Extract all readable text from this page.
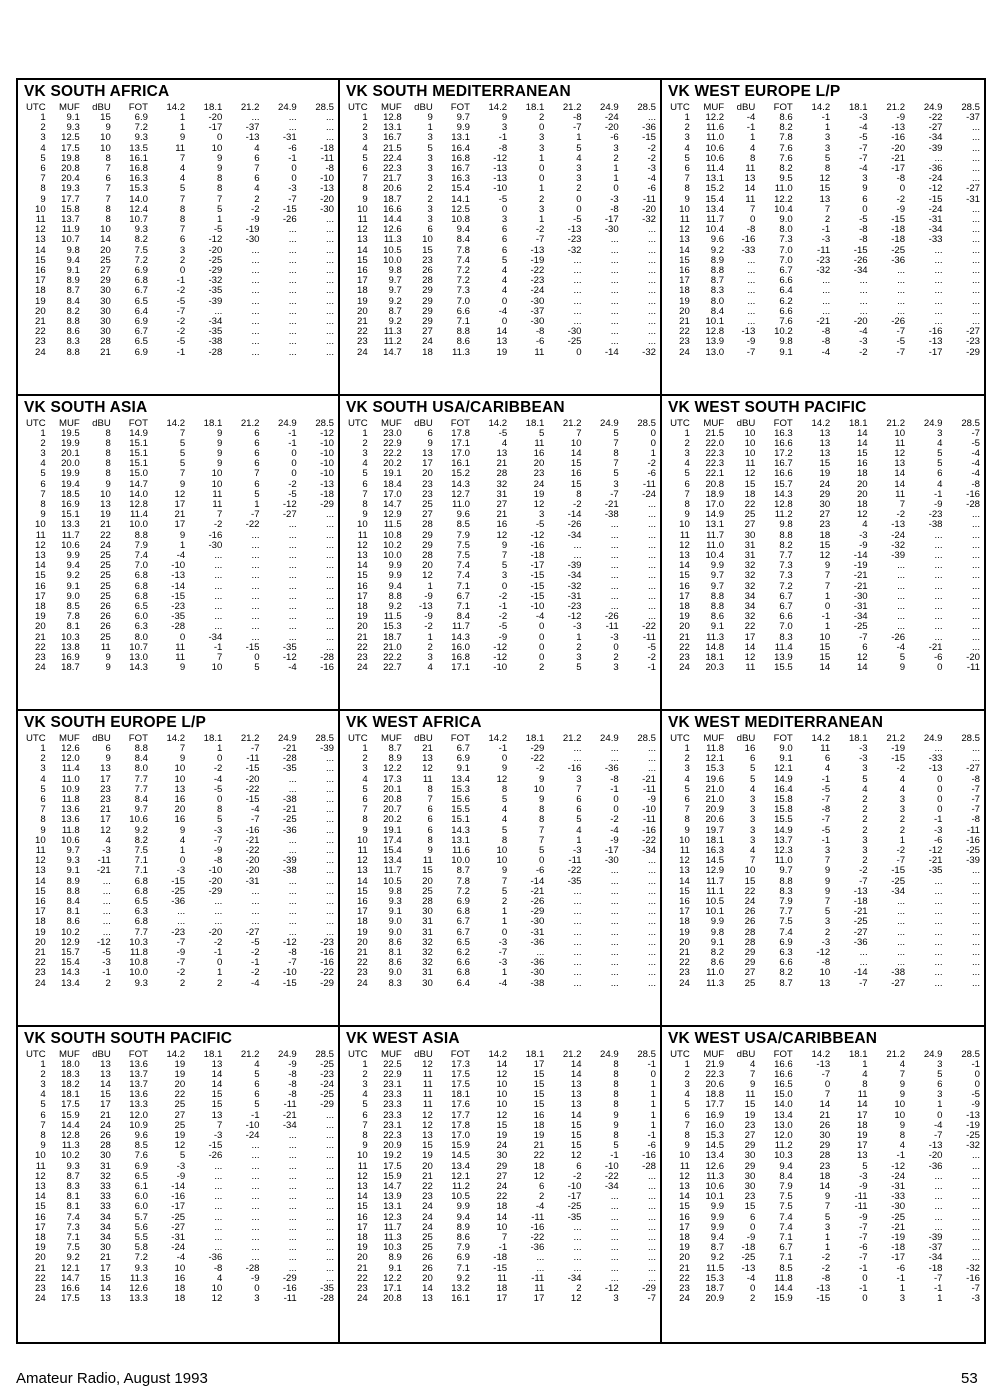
VK SOUTH AFRICA
UTC	MUF	dBU	FOT	14.2	18.1	21.2	24.9	28.5
1	9.1	15	6.9	1	-20	...	...	...
2	9.3	9	7.2	1	-17	-37	...	...
3	12.5	10	9.3	9	0	-13	-31	...
4	17.5	10	13.5	11	10	4	-6	-18
5	19.8	8	16.1	7	9	6	-1	-11
6	20.8	7	16.8	4	9	7	0	-8
7	20.4	6	16.3	4	8	6	0	-10
8	19.3	7	15.3	5	8	4	-3	-13
9	17.7	7	14.0	7	7	2	-7	-20
10	15.8	8	12.4	8	5	-2	-15	-30
11	13.7	8	10.7	8	1	-9	-26	...
12	11.9	10	9.3	7	-5	-19	...	...
13	10.7	14	8.2	6	-12	-30	...	...
14	9.8	20	7.5	3	-20	...	...	...
15	9.4	25	7.2	2	-25	...	...	...
16	9.1	27	6.9	0	-29	...	...	...
17	8.9	29	6.8	-1	-32	...	...	...
18	8.7	30	6.7	-2	-35	...	...	...
19	8.4	30	6.5	-5	-39	...	...	...
20	8.2	30	6.4	-7	...	...	...	...
21	8.8	30	6.9	-2	-34	...	...	...
22	8.6	30	6.7	-2	-35	...	...	...
23	8.3	28	6.5	-5	-38	...	...	...
24	8.8	21	6.9	-1	-28	...	...	...
VK SOUTH MEDITERRANEAN
UTC	MUF	dBU	FOT	14.2	18.1	21.2	24.9	28.5
1	12.8	9	9.7	9	2	-8	-24	...
2	13.1	1	9.9	3	0	-7	-20	-36
3	16.7	3	13.1	-1	3	1	-6	-15
4	21.5	5	16.4	-8	3	5	3	-2
5	22.4	3	16.8	-12	1	4	2	-2
6	22.3	3	16.7	-13	0	3	1	-3
7	21.7	3	16.3	-13	0	3	1	-4
8	20.6	2	15.4	-10	1	2	0	-6
9	18.7	2	14.1	-5	2	0	-3	-11
10	16.6	3	12.5	0	3	0	-8	-20
11	14.4	3	10.8	3	1	-5	-17	-32
12	12.6	6	9.4	6	-2	-13	-30	...
13	11.3	10	8.4	6	-7	-23	...	...
14	10.5	15	7.8	6	-13	-32	...	...
15	10.0	23	7.4	5	-19	...	...	...
16	9.8	26	7.2	4	-22	...	...	...
17	9.7	28	7.2	4	-23	...	...	...
18	9.7	29	7.3	4	-24	...	...	...
19	9.2	29	7.0	0	-30	...	...	...
20	8.7	29	6.6	-4	-37	...	...	...
21	9.2	29	7.1	0	-30	...	...	...
22	11.3	27	8.8	14	-8	-30	...	...
23	11.2	24	8.6	13	-6	-25	...	...
24	14.7	18	11.3	19	11	0	-14	-32
VK WEST EUROPE L/P
UTC	MUF	dBU	FOT	14.2	18.1	21.2	24.9	28.5
1	12.2	-4	8.6	-1	-3	-9	-22	-37
2	11.6	-1	8.2	1	-4	-13	-27	...
3	11.0	1	7.8	3	-5	-16	-34	...
4	10.6	4	7.6	3	-7	-20	-39	...
5	10.6	8	7.6	5	-7	-21	...	...
6	11.4	11	8.2	8	-4	-17	-36	...
7	13.1	13	9.5	12	3	-8	-24	...
8	15.2	14	11.0	15	9	0	-12	-27
9	15.4	11	12.2	13	6	-2	-15	-31
10	13.4	7	10.4	7	0	-9	-24	...
11	11.7	0	9.0	2	-5	-15	-31	...
12	10.4	-8	8.0	-1	-8	-18	-34	...
13	9.6	-16	7.3	-3	-8	-18	-33	...
14	9.2	-33	7.0	-11	-15	-25	...	...
15	8.9	...	7.0	-23	-26	-36	...	...
16	8.8	...	6.7	-32	-34	...	...	...
17	8.7	...	6.6	...	...	...	...	...
18	8.3	...	6.4	...	...	...	...	...
19	8.0	...	6.2	...	...	...	...	...
20	8.4	...	6.6	...	...	...	...	...
21	10.1	...	7.6	-21	-20	-26	...	...
22	12.8	-13	10.2	-8	-4	-7	-16	-27
23	13.9	-9	9.8	-8	-3	-5	-13	-23
24	13.0	-7	9.1	-4	-2	-7	-17	-29
VK SOUTH ASIA
UTC	MUF	dBU	FOT	14.2	18.1	21.2	24.9	28.5
1	19.5	8	14.9	7	9	6	-1	-12
2	19.9	8	15.1	5	9	6	-1	-10
3	20.1	8	15.1	5	9	6	0	-10
4	20.0	8	15.1	5	9	6	0	-10
5	19.9	8	15.0	7	10	7	0	-10
6	19.4	9	14.7	9	10	6	-2	-13
7	18.5	10	14.0	12	11	5	-5	-18
8	16.9	13	12.8	17	11	1	-12	-29
9	15.1	19	11.4	21	7	-7	-27	...
10	13.3	21	10.0	17	-2	-22	...	...
11	11.7	22	8.8	9	-16	...	...	...
12	10.6	24	7.9	1	-30	...	...	...
13	9.9	25	7.4	-4	...	...	...	...
14	9.4	25	7.0	-10	...	...	...	...
15	9.2	25	6.8	-13	...	...	...	...
16	9.1	25	6.8	-14	...	...	...	...
17	9.0	25	6.8	-15	...	...	...	...
18	8.5	26	6.5	-23	...	...	...	...
19	7.8	26	6.0	-35	...	...	...	...
20	8.1	26	6.3	-28	...	...	...	...
21	10.3	25	8.0	0	-34	...	...	...
22	13.8	11	10.7	11	-1	-15	-35	...
23	16.9	9	13.0	11	7	0	-12	-28
24	18.7	9	14.3	9	10	5	-4	-16
VK SOUTH USA/CARIBBEAN
UTC	MUF	dBU	FOT	14.2	18.1	21.2	24.9	28.5
1	23.0	6	17.8	-5	5	7	5	0
2	22.9	9	17.1	4	11	10	7	0
3	22.2	13	17.0	13	16	14	8	1
4	20.2	17	16.1	21	20	15	7	-2
5	19.1	20	15.2	28	23	16	5	-6
6	18.4	23	14.3	32	24	15	3	-11
7	17.0	23	12.7	31	19	8	-7	-24
8	14.7	25	11.0	27	12	-2	-21	...
9	12.9	27	9.6	21	3	-14	-38	...
10	11.5	28	8.5	16	-5	-26	...	...
11	10.8	29	7.9	12	-12	-34	...	...
12	10.2	29	7.5	9	-16	...	...	...
13	10.0	28	7.5	7	-18	...	...	...
14	9.9	20	7.4	5	-17	-39	...	...
15	9.9	12	7.4	3	-15	-34	...	...
16	9.4	1	7.1	0	-15	-32	...	...
17	8.8	-9	6.7	-2	-15	-31	...	...
18	9.2	-13	7.1	-1	-10	-23	...	...
19	11.5	-9	8.4	-2	-4	-12	-26	...
20	15.3	-2	11.7	-5	0	-3	-11	-22
21	18.7	1	14.3	-9	0	1	-3	-11
22	21.0	2	16.0	-12	0	2	0	-5
23	22.2	3	16.8	-12	0	3	2	-2
24	22.7	4	17.1	-10	2	5	3	-1
VK WEST SOUTH PACIFIC
UTC	MUF	dBU	FOT	14.2	18.1	21.2	24.9	28.5
1	21.5	10	16.3	13	14	10	3	-7
2	22.0	10	16.6	13	14	11	4	-5
3	22.3	10	17.2	13	15	12	5	-4
4	22.3	11	16.7	15	16	13	5	-4
5	22.1	12	16.6	19	18	14	6	-4
6	20.8	15	15.7	24	20	14	4	-8
7	18.9	18	14.3	29	20	11	-1	-16
8	17.0	22	12.8	30	18	7	-9	-28
9	14.9	25	11.2	27	12	-2	-23	...
10	13.1	27	9.8	23	4	-13	-38	...
11	11.7	30	8.8	18	-3	-24	...	...
12	11.0	31	8.2	15	-9	-32	...	...
13	10.4	31	7.7	12	-14	-39	...	...
14	9.9	32	7.3	9	-19	...	...	...
15	9.7	32	7.3	7	-21	...	...	...
16	9.7	32	7.2	7	-21	...	...	...
17	8.8	34	6.7	1	-30	...	...	...
18	8.8	34	6.7	0	-31	...	...	...
19	8.6	32	6.6	-1	-34	...	...	...
20	9.1	22	7.0	1	-25	...	...	...
21	11.3	17	8.3	10	-7	-26	...	...
22	14.8	14	11.4	15	6	-4	-21	...
23	18.1	12	13.9	15	12	5	-6	-20
24	20.3	11	15.5	14	14	9	0	-11
VK SOUTH EUROPE L/P
UTC	MUF	dBU	FOT	14.2	18.1	21.2	24.9	28.5
1	12.6	6	8.8	7	1	-7	-21	-39
2	12.0	9	8.4	9	0	-11	-28	...
3	11.4	13	8.0	10	-2	-15	-35	...
4	11.0	17	7.7	10	-4	-20	...	...
5	10.9	23	7.7	13	-5	-22	...	...
6	11.8	23	8.4	16	0	-15	-38	...
7	13.6	21	9.7	20	8	-4	-21	...
8	13.6	17	10.6	16	5	-7	-25	...
9	11.8	12	9.2	9	-3	-16	-36	...
10	10.6	4	8.2	4	-7	-21	...	...
11	9.7	-3	7.5	1	-9	-22	...	...
12	9.3	-11	7.1	0	-8	-20	-39	...
13	9.1	-21	7.1	-3	-10	-20	-38	...
14	8.9	...	6.8	-15	-20	-31	...	...
15	8.8	...	6.8	-25	-29	...	...	...
16	8.4	...	6.5	-36	...	...	...	...
17	8.1	...	6.3	...	...	...	...	...
18	8.6	...	6.8	...	...	...	...	...
19	10.2	...	7.7	-23	-20	-27	...	...
20	12.9	-12	10.3	-7	-2	-5	-12	-23
21	15.7	-5	11.8	-9	-1	-2	-8	-16
22	15.4	-3	10.8	-7	0	-1	-7	-16
23	14.3	-1	10.0	-2	1	-2	-10	-22
24	13.4	2	9.3	2	2	-4	-15	-29
VK WEST AFRICA
UTC	MUF	dBU	FOT	14.2	18.1	21.2	24.9	28.5
1	8.7	21	6.7	-1	-29	...	...	...
2	8.9	13	6.9	0	-22	...	...	...
3	12.2	12	9.1	9	-2	-16	-36	...
4	17.3	11	13.4	12	9	3	-8	-21
5	20.1	8	15.3	8	10	7	-1	-11
6	20.8	7	15.6	5	9	6	0	-9
7	20.7	6	15.5	4	8	6	0	-10
8	20.2	6	15.1	4	8	5	-2	-11
9	19.1	6	14.3	5	7	4	-4	-16
10	17.4	8	13.1	8	7	1	-9	-22
11	15.4	9	11.6	10	5	-3	-17	-34
12	13.4	11	10.0	10	0	-11	-30	...
13	11.7	15	8.7	9	-6	-22	...	...
14	10.5	20	7.8	7	-14	-35	...	...
15	9.8	25	7.2	5	-21	...	...	...
16	9.3	28	6.9	2	-26	...	...	...
17	9.1	30	6.8	1	-29	...	...	...
18	9.0	31	6.7	1	-30	...	...	...
19	9.0	31	6.7	0	-31	...	...	...
20	8.6	32	6.5	-3	-36	...	...	...
21	8.1	32	6.2	-7	...	...	...	...
22	8.6	32	6.6	-3	-36	...	...	...
23	9.0	31	6.8	1	-30	...	...	...
24	8.3	30	6.4	-4	-38	...	...	...
VK WEST MEDITERRANEAN
UTC	MUF	dBU	FOT	14.2	18.1	21.2	24.9	28.5
1	11.8	16	9.0	11	-3	-19	...	...
2	12.1	6	9.1	6	-3	-15	-33	...
3	15.3	5	12.1	4	3	-2	-13	-27
4	19.6	5	14.9	-1	5	4	0	-8
5	21.0	4	16.4	-5	4	4	0	-7
6	21.0	3	15.8	-7	2	3	0	-7
7	20.9	3	15.8	-8	2	3	0	-7
8	20.6	3	15.5	-7	2	2	-1	-8
9	19.7	3	14.9	-5	2	2	-3	-11
10	18.1	3	13.7	-1	3	1	-6	-16
11	16.3	4	12.3	3	3	-2	-12	-25
12	14.5	7	11.0	7	2	-7	-21	-39
13	12.9	10	9.7	9	-2	-15	-35	...
14	11.7	15	8.8	9	-7	-25	...	...
15	11.1	22	8.3	9	-13	-34	...	...
16	10.5	24	7.9	7	-18	...	...	...
17	10.1	26	7.7	5	-21	...	...	...
18	9.9	26	7.5	3	-25	...	...	...
19	9.8	28	7.4	2	-27	...	...	...
20	9.1	28	6.9	-3	-36	...	...	...
21	8.2	29	6.3	-12	...	...	...	...
22	8.6	29	6.6	-8	...	...	...	...
23	11.0	27	8.2	10	-14	-38	...	...
24	11.3	25	8.7	13	-7	-27	...	...
VK SOUTH SOUTH PACIFIC
UTC	MUF	dBU	FOT	14.2	18.1	21.2	24.9	28.5
1	18.0	13	13.6	19	13	4	-9	-25
2	18.3	13	13.7	19	14	5	-8	-23
3	18.2	14	13.7	20	14	6	-8	-24
4	18.1	15	13.6	22	15	6	-8	-25
5	17.5	17	13.3	25	15	5	-11	-29
6	15.9	21	12.0	27	13	-1	-21	...
7	14.4	24	10.9	25	7	-10	-34	...
8	12.8	26	9.6	19	-3	-24	...	...
9	11.3	28	8.5	12	-15	...	...	...
10	10.2	30	7.6	5	-26	...	...	...
11	9.3	31	6.9	-3	...	...	...	...
12	8.7	32	6.5	-9	...	...	...	...
13	8.3	33	6.1	-14	...	...	...	...
14	8.1	33	6.0	-16	...	...	...	...
15	8.1	33	6.0	-17	...	...	...	...
16	7.4	34	5.7	-25	...	...	...	...
17	7.3	34	5.6	-27	...	...	...	...
18	7.1	34	5.5	-31	...	...	...	...
19	7.5	30	5.8	-24	...	...	...	...
20	9.2	21	7.2	-4	-36	...	...	...
21	12.1	17	9.3	10	-8	-28	...	...
22	14.7	15	11.3	16	4	-9	-29	...
23	16.6	14	12.6	18	10	0	-16	-35
24	17.5	13	13.3	18	12	3	-11	-28
VK WEST ASIA
UTC	MUF	dBU	FOT	14.2	18.1	21.2	24.9	28.5
1	22.5	12	17.3	14	17	14	8	-1
2	22.9	11	17.5	12	15	14	8	0
3	23.1	11	17.5	10	15	13	8	1
4	23.3	11	18.1	10	15	13	8	1
5	23.3	11	17.6	10	15	13	8	1
6	23.3	12	17.7	12	16	14	9	1
7	23.1	12	17.8	15	18	15	9	1
8	22.3	13	17.0	19	19	15	8	-1
9	20.9	15	15.9	24	21	15	5	-6
10	19.2	19	14.5	30	22	12	-1	-16
11	17.5	20	13.4	29	18	6	-10	-28
12	15.9	21	12.1	27	12	-2	-22	...
13	14.7	22	11.2	24	6	-10	-34	...
14	13.9	23	10.5	22	2	-17	...	...
15	13.1	24	9.9	18	-4	-25	...	...
16	12.3	24	9.4	14	-11	-35	...	...
17	11.7	24	8.9	10	-16	...	...	...
18	11.3	25	8.6	7	-22	...	...	...
19	10.3	25	7.9	-1	-36	...	...	...
20	8.9	26	6.9	-18	...	...	...	...
21	9.1	26	7.1	-15	...	...	...	...
22	12.2	20	9.2	11	-11	-34	...	...
23	17.1	14	13.2	18	11	2	-12	-29
24	20.8	13	16.1	17	17	12	3	-7
VK WEST USA/CARIBBEAN
UTC	MUF	dBU	FOT	14.2	18.1	21.2	24.9	28.5
1	21.9	4	16.6	-13	1	4	3	-1
2	22.3	7	16.6	-7	4	7	5	0
3	20.6	9	16.5	0	8	9	6	0
4	18.8	11	15.0	7	11	9	3	-5
5	17.7	15	14.0	14	14	10	1	-9
6	16.9	19	13.4	21	17	10	0	-13
7	16.0	23	13.0	26	18	9	-4	-19
8	15.3	27	12.0	30	19	8	-7	-25
9	14.5	29	11.2	29	17	4	-13	-32
10	13.4	30	10.3	28	13	-1	-20	...
11	12.6	29	9.4	23	5	-12	-36	...
12	11.3	30	8.4	18	-3	-24	...	...
13	10.6	30	7.9	14	-9	-31	...	...
14	10.1	23	7.5	9	-11	-33	...	...
15	9.9	15	7.5	7	-11	-30	...	...
16	9.9	6	7.4	5	-9	-25	...	...
17	9.9	0	7.4	3	-7	-21	...	...
18	9.4	-9	7.1	1	-7	-19	-39	...
19	8.7	-18	6.7	1	-6	-18	-37	...
20	9.2	-25	7.1	-2	-7	-17	-34	...
21	11.5	-13	8.5	-2	-1	-6	-18	-32
22	15.3	-4	11.8	-8	0	-1	-7	-16
23	18.7	0	14.4	-13	-1	1	-1	-7
24	20.9	2	15.9	-15	0	3	1	-3
Amateur Radio, August 1993	53
